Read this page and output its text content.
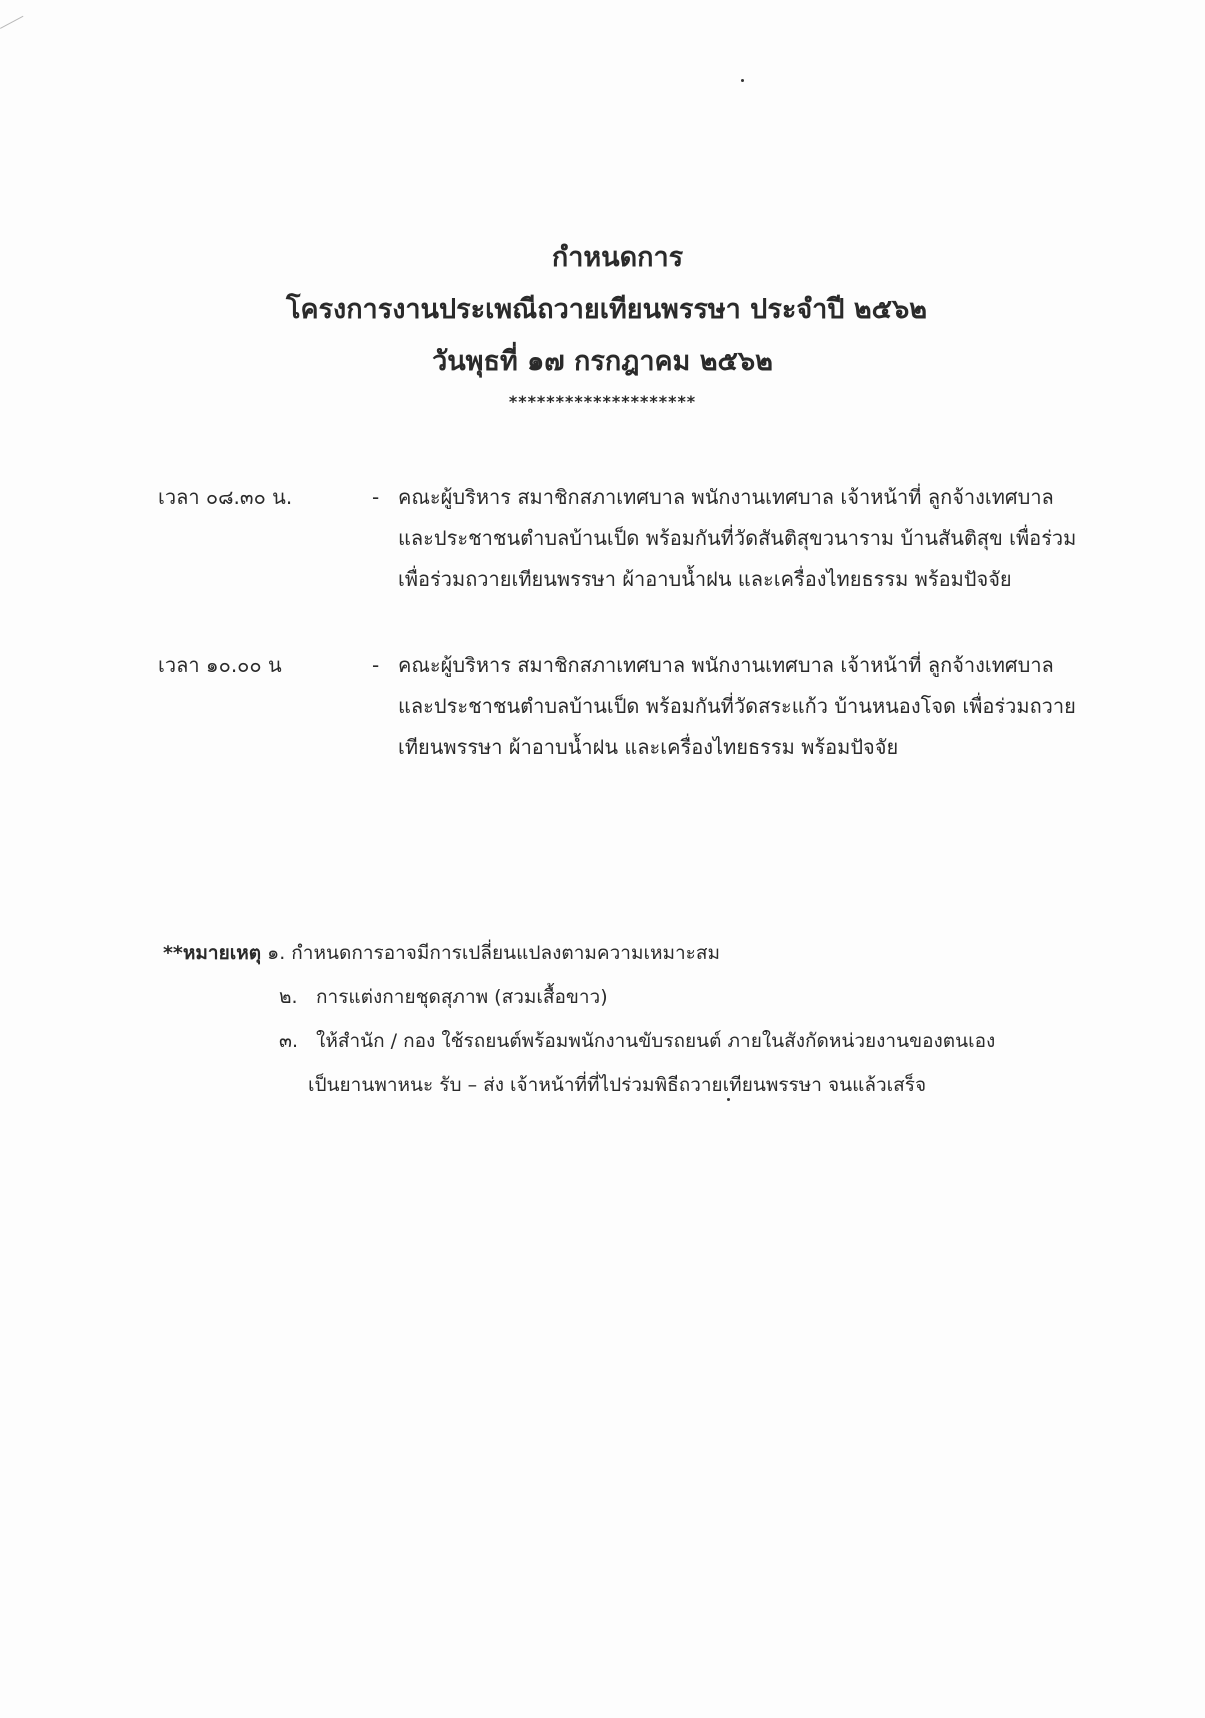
กำหนดการ
โครงการงานประเพณีถวายเทียนพรรษา ประจำปี ๒๕๖๒
วันพุธที่ ๑๗ กรกฎาคม ๒๕๖๒
********************
เวลา ๐๘.๓๐ น.	- คณะผู้บริหาร สมาชิกสภาเทศบาล พนักงานเทศบาล เจ้าหน้าที่ ลูกจ้างเทศบาล
และประชาชนตำบลบ้านเป็ด พร้อมกันที่วัดสันติสุขวนาราม บ้านสันติสุข เพื่อร่วม
เพื่อร่วมถวายเทียนพรรษา ผ้าอาบน้ำฝน และเครื่องไทยธรรม พร้อมปัจจัย
เวลา ๑๐.๐๐ น	- คณะผู้บริหาร สมาชิกสภาเทศบาล พนักงานเทศบาล เจ้าหน้าที่ ลูกจ้างเทศบาล
และประชาชนตำบลบ้านเป็ด พร้อมกันที่วัดสระแก้ว บ้านหนองโจด เพื่อร่วมถวาย
เทียนพรรษา ผ้าอาบน้ำฝน และเครื่องไทยธรรม พร้อมปัจจัย
**หมายเหตุ ๑. กำหนดการอาจมีการเปลี่ยนแปลงตามความเหมาะสม
๒. การแต่งกายชุดสุภาพ (สวมเสื้อขาว)
๓. ให้สำนัก / กอง ใช้รถยนต์พร้อมพนักงานขับรถยนต์ ภายในสังกัดหน่วยงานของตนเอง
เป็นยานพาหนะ รับ – ส่ง เจ้าหน้าที่ที่ไปร่วมพิธีถวายเทียนพรรษา จนแล้วเสร็จ
